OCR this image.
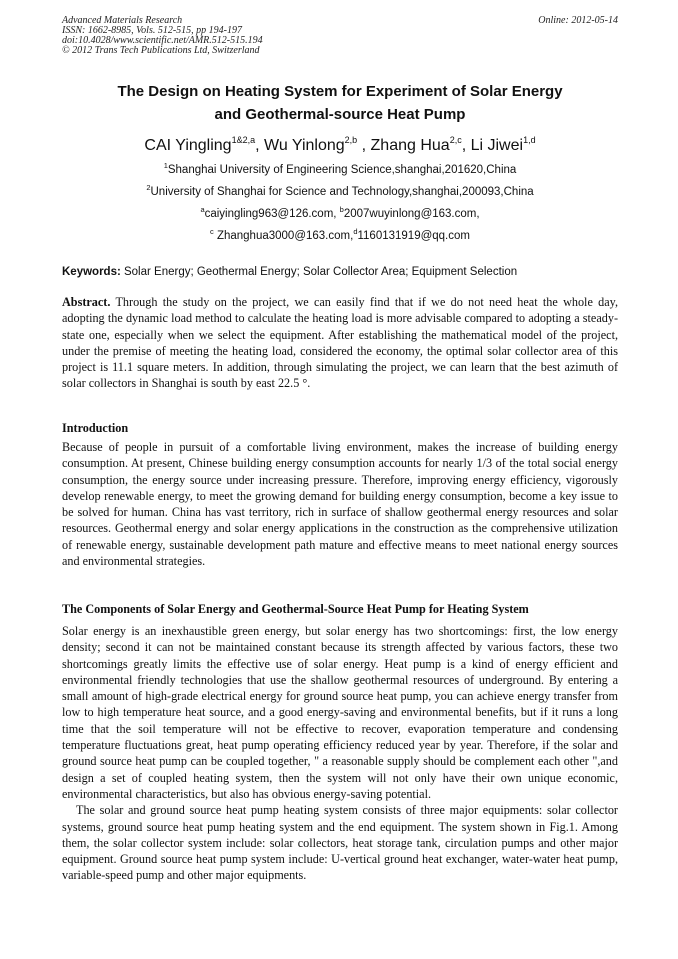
Advanced Materials Research
ISSN: 1662-8985, Vols. 512-515, pp 194-197
doi:10.4028/www.scientific.net/AMR.512-515.194
© 2012 Trans Tech Publications Ltd, Switzerland
Online: 2012-05-14
The Design on Heating System for Experiment of Solar Energy
and Geothermal-source Heat Pump
CAI Yingling$^{1\&2,a}$, Wu Yinlong$^{2,b}$ , Zhang Hua$^{2,c}$, Li Jiwei$^{1,d}$
$^1$Shanghai University of Engineering Science,shanghai,201620,China
$^2$University of Shanghai for Science and Technology,shanghai,200093,China
$^a$caiyingling963@126.com, $^b$2007wuyinlong@163.com,
$^c$ Zhanghua3000@163.com,$^d$1160131919@qq.com
Keywords: Solar Energy; Geothermal Energy; Solar Collector Area; Equipment Selection

Abstract. Through the study on the project, we can easily find that if we do not need heat the whole day, adopting the dynamic load method to calculate the heating load is more advisable compared to adopting a steady-state one, especially when we select the equipment. After establishing the mathematical model of the project, under the premise of meeting the heating load, considered the economy, the optimal solar collector area of this project is 11.1 square meters. In addition, through simulating the project, we can learn that the best azimuth of solar collectors in Shanghai is south by east 22.5 °.

Introduction

Because of people in pursuit of a comfortable living environment, makes the increase of building energy consumption. At present, Chinese building energy consumption accounts for nearly 1/3 of the total social energy consumption, the energy source under increasing pressure. Therefore, improving energy efficiency, vigorously develop renewable energy, to meet the growing demand for building energy consumption, become a key issue to be solved for human. China has vast territory, rich in surface of shallow geothermal energy resources and solar resources. Geothermal energy and solar energy applications in the construction as the comprehensive utilization of renewable energy, sustainable development path mature and effective means to meet national energy sources and environmental strategies.

The Components of Solar Energy and Geothermal-Source Heat Pump for Heating System

Solar energy is an inexhaustible green energy, but solar energy has two shortcomings: first, the low energy density; second it can not be maintained constant because its strength affected by various factors, these two shortcomings greatly limits the effective use of solar energy. Heat pump is a kind of energy efficient and environmental friendly technologies that use the shallow geothermal resources of underground. By entering a small amount of high-grade electrical energy for ground source heat pump, you can achieve energy transfer from low to high temperature heat source, and a good energy-saving and environmental benefits, but if it runs a long time that the soil temperature will not be effective to recover, evaporation temperature and condensing temperature fluctuations great, heat pump operating efficiency reduced year by year. Therefore, if the solar and ground source heat pump can be coupled together, " a reasonable supply should be complement each other ",and design a set of coupled heating system, then the system will not only have their own unique economic, environmental characteristics, but also has obvious energy-saving potential.

The solar and ground source heat pump heating system consists of three major equipments: solar collector systems, ground source heat pump heating system and the end equipment. The system shown in Fig.1. Among them, the solar collector system include: solar collectors, heat storage tank, circulation pumps and other major equipment. Ground source heat pump system include: U-vertical ground heat exchanger, water-water heat pump, variable-speed pump and other major equipments.
